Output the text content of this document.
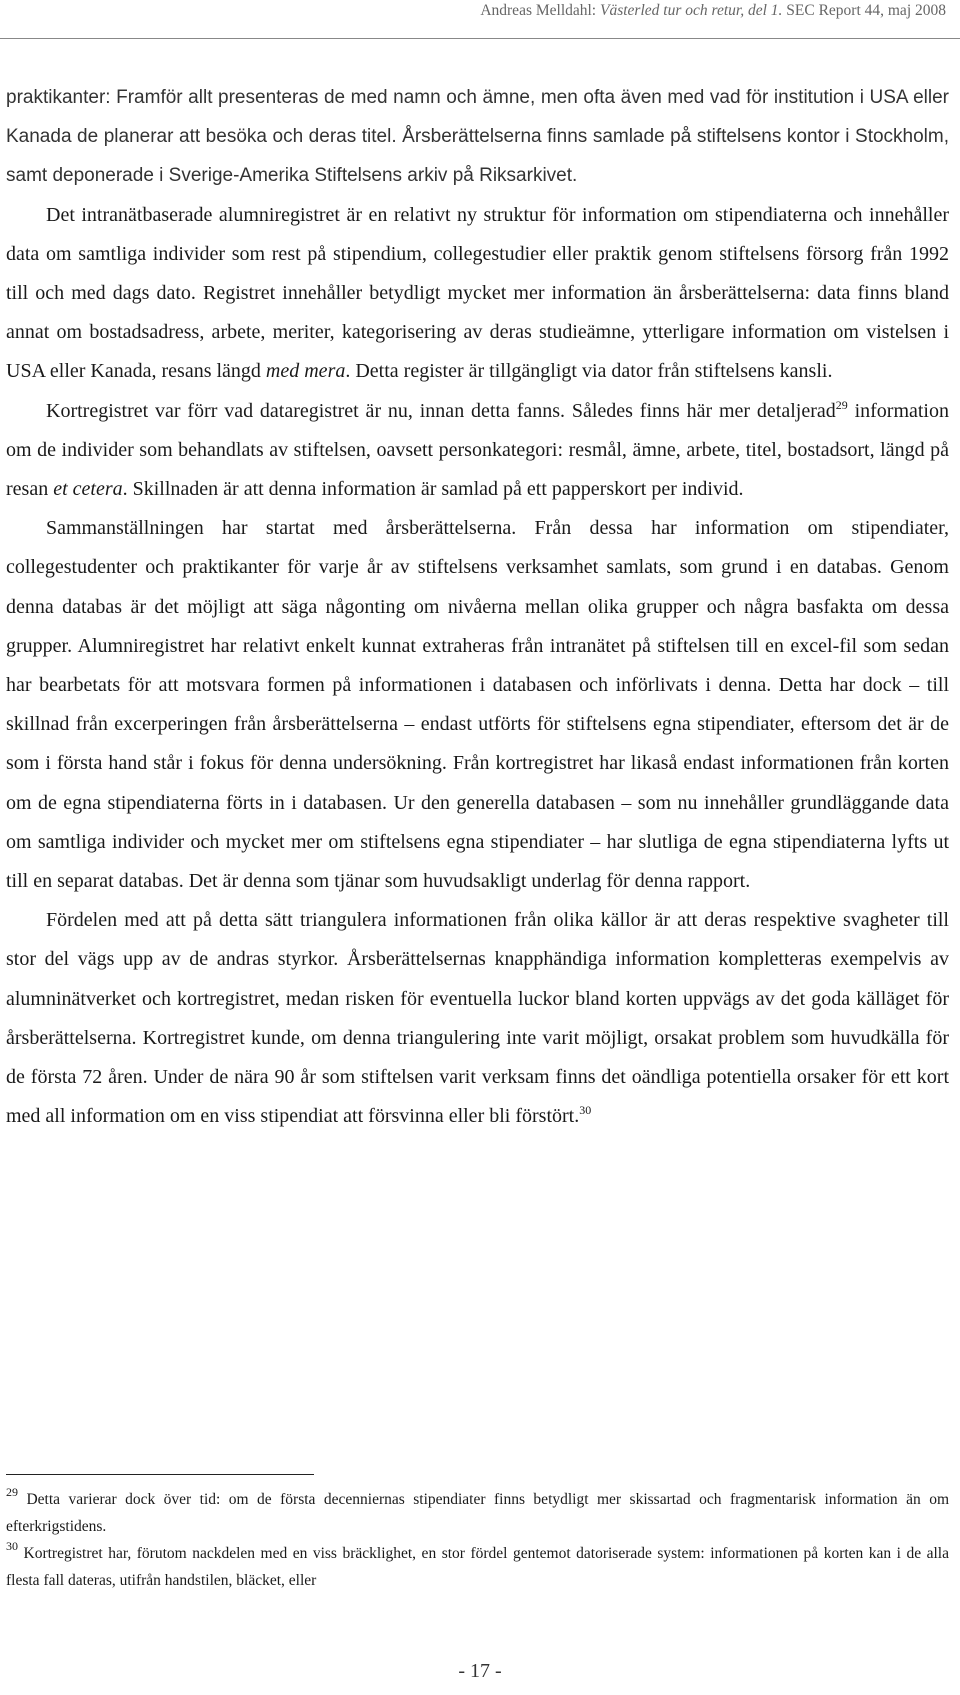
Andreas Melldahl: Västerled tur och retur, del 1. SEC Report 44, maj 2008

praktikanter: Framför allt presenteras de med namn och ämne, men ofta även med vad för institution i USA eller Kanada de planerar att besöka och deras titel. Årsberättelserna finns samlade på stiftelsens kontor i Stockholm, samt deponerade i Sverige-Amerika Stiftelsens arkiv på Riksarkivet.

Det intranätbaserade alumniregistret är en relativt ny struktur för information om stipendiaterna och innehåller data om samtliga individer som rest på stipendium, collegestudier eller praktik genom stiftelsens försorg från 1992 till och med dags dato. Registret innehåller betydligt mycket mer information än årsberättelserna: data finns bland annat om bostadsadress, arbete, meriter, kategorisering av deras studieämne, ytterligare information om vistelsen i USA eller Kanada, resans längd med mera. Detta register är tillgängligt via dator från stiftelsens kansli.

Kortregistret var förr vad dataregistret är nu, innan detta fanns. Således finns här mer detaljerad$^{29}$ information om de individer som behandlats av stiftelsen, oavsett personkategori: resmål, ämne, arbete, titel, bostadsort, längd på resan et cetera. Skillnaden är att denna information är samlad på ett papperskort per individ.

Sammanställningen har startat med årsberättelserna. Från dessa har information om stipendiater, collegestudenter och praktikanter för varje år av stiftelsens verksamhet samlats, som grund i en databas. Genom denna databas är det möjligt att säga någonting om nivåerna mellan olika grupper och några basfakta om dessa grupper. Alumniregistret har relativt enkelt kunnat extraheras från intranätet på stiftelsen till en excel-fil som sedan har bearbetats för att motsvara formen på informationen i databasen och införlivats i denna. Detta har dock – till skillnad från excerperingen från årsberättelserna – endast utförts för stiftelsens egna stipendiater, eftersom det är de som i första hand står i fokus för denna undersökning. Från kortregistret har likaså endast informationen från korten om de egna stipendiaterna förts in i databasen. Ur den generella databasen – som nu innehåller grundläggande data om samtliga individer och mycket mer om stiftelsens egna stipendiater – har slutliga de egna stipendiaterna lyfts ut till en separat databas. Det är denna som tjänar som huvudsakligt underlag för denna rapport.

Fördelen med att på detta sätt triangulera informationen från olika källor är att deras respektive svagheter till stor del vägs upp av de andras styrkor. Årsberättelsernas knapphändiga information kompletteras exempelvis av alumninätverket och kortregistret, medan risken för eventuella luckor bland korten uppvägs av det goda källäget för årsberättelserna. Kortregistret kunde, om denna triangulering inte varit möjligt, orsakat problem som huvudkälla för de första 72 åren. Under de nära 90 år som stiftelsen varit verksam finns det oändliga potentiella orsaker för ett kort med all information om en viss stipendiat att försvinna eller bli förstört.$^{30}$

$^{29}$ Detta varierar dock över tid: om de första decenniernas stipendiater finns betydligt mer skissartad och fragmentarisk information än om efterkrigstidens.

$^{30}$ Kortregistret har, förutom nackdelen med en viss bräcklighet, en stor fördel gentemot datoriserade system: informationen på korten kan i de alla flesta fall dateras, utifrån handstilen, bläcket, eller

- 17 -
